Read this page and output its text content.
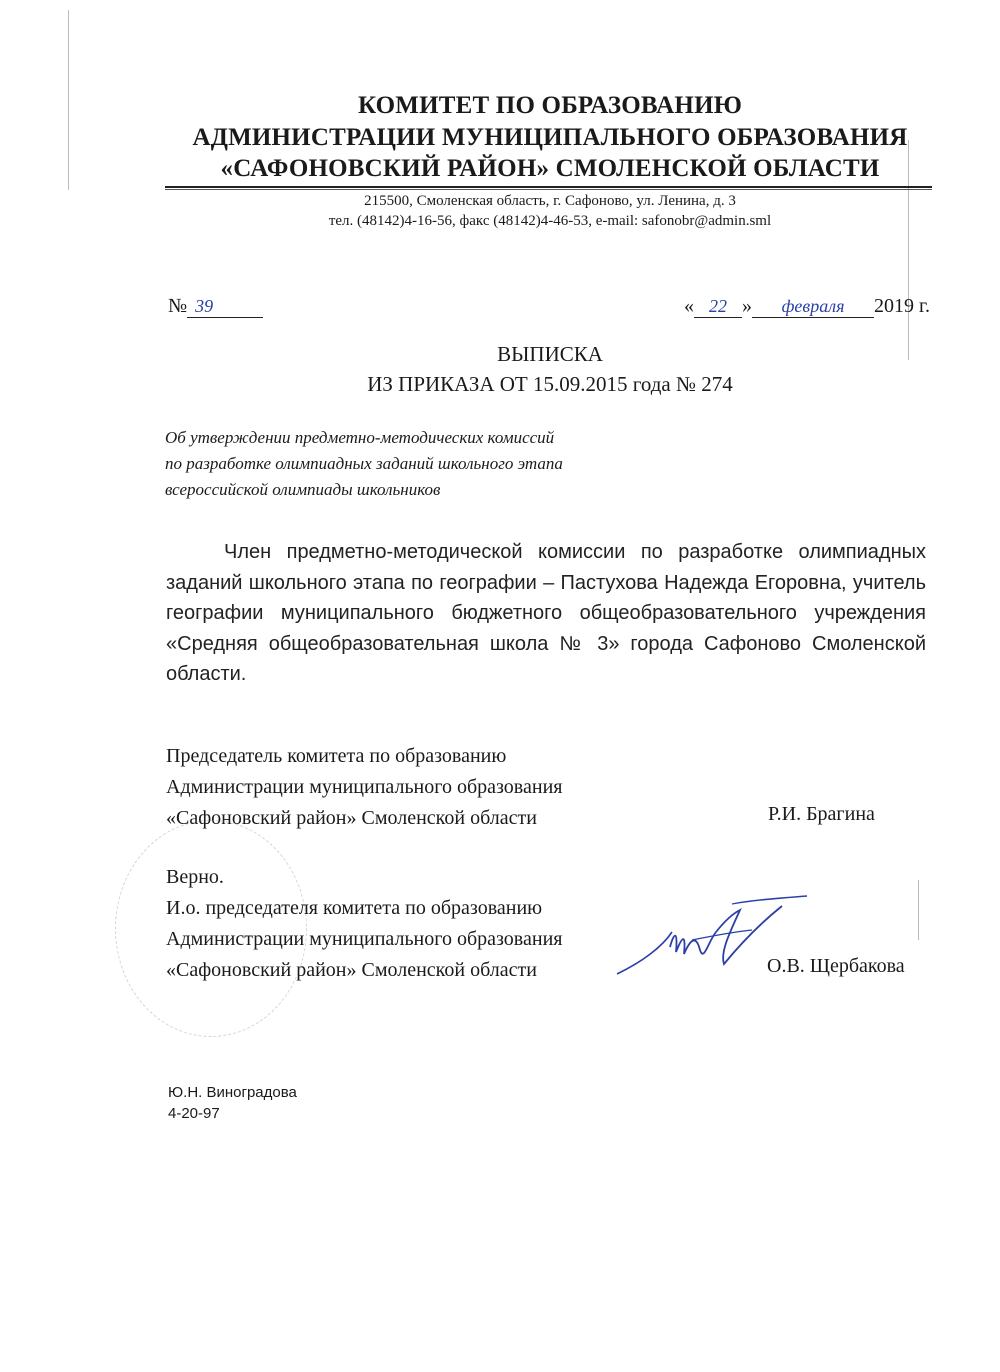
КОМИТЕТ ПО ОБРАЗОВАНИЮ
АДМИНИСТРАЦИИ МУНИЦИПАЛЬНОГО ОБРАЗОВАНИЯ
«САФОНОВСКИЙ РАЙОН» СМОЛЕНСКОЙ ОБЛАСТИ
215500, Смоленская область, г. Сафоново, ул. Ленина, д. 3
тел. (48142)4-16-56, факс (48142)4-46-53, e-mail: safonobr@admin.sml
№ 39	« 22 » февраля 2019 г.
ВЫПИСКА
ИЗ ПРИКАЗА ОТ 15.09.2015 года № 274
Об утверждении предметно-методических комиссий
по разработке олимпиадных заданий школьного этапа
всероссийской олимпиады школьников
Член предметно-методической комиссии по разработке олимпиадных заданий школьного этапа по географии – Пастухова Надежда Егоровна, учитель географии муниципального бюджетного общеобразовательного учреждения «Средняя общеобразовательная школа № 3» города Сафоново Смоленской области.
Председатель комитета по образованию
Администрации муниципального образования
«Сафоновский район» Смоленской области	Р.И. Брагина
Верно.
И.о. председателя комитета по образованию
Администрации муниципального образования
«Сафоновский район» Смоленской области	О.В. Щербакова
Ю.Н. Виноградова
4-20-97
